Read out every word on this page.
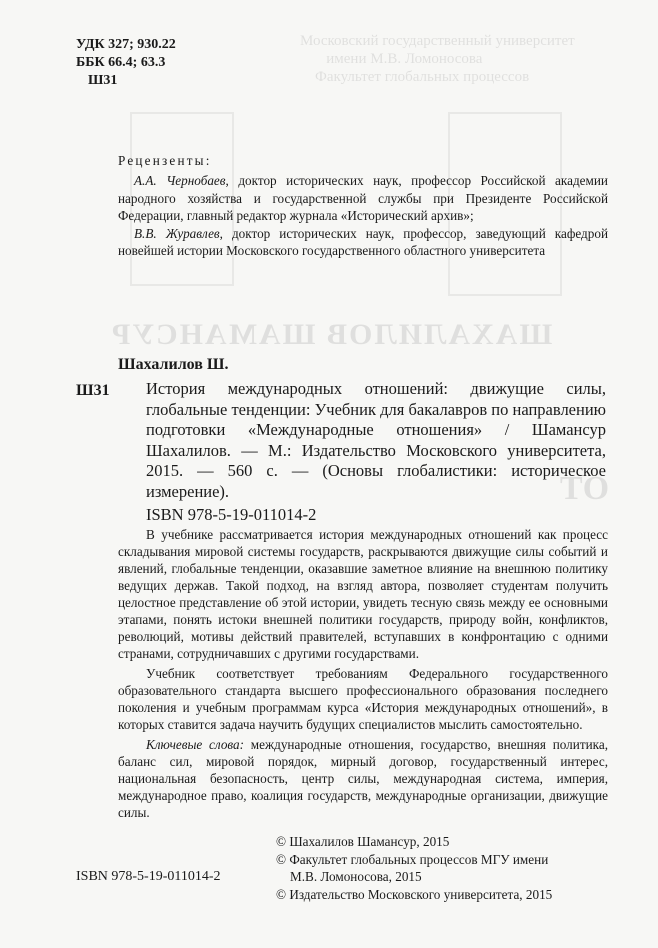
Московский государственный университет
имени М.В. Ломоносова
Факультет глобальных процессов
ШАХАЛИЛОВ ШАМАНСУР
ОТ
УДК 327; 930.22
ББК 66.4; 63.3
Ш31
Рецензенты:
А.А. Чернобаев, доктор исторических наук, профессор Российской академии народного хозяйства и государственной службы при Президенте Российской Федерации, главный редактор журнала «Исторический архив»;
В.В. Журавлев, доктор исторических наук, профессор, заведующий кафедрой новейшей истории Московского государственного областного университета
Шахалилов Ш.
Ш31 История международных отношений: движущие силы, глобальные тенденции: Учебник для бакалавров по направлению подготовки «Международные отношения» / Шамансур Шахалилов. — М.: Издательство Московского университета, 2015. — 560 с. — (Основы глобалистики: историческое измерение).
ISBN 978-5-19-011014-2

В учебнике рассматривается история международных отношений как процесс складывания мировой системы государств, раскрываются движущие силы событий и явлений, глобальные тенденции, оказавшие заметное влияние на внешнюю политику ведущих держав. Такой подход, на взгляд автора, позволяет студентам получить целостное представление об этой истории, увидеть тесную связь между ее основными этапами, понять истоки внешней политики государств, природу войн, конфликтов, революций, мотивы действий правителей, вступавших в конфронтацию с одними странами, сотрудничавших с другими государствами.

Учебник соответствует требованиям Федерального государственного образовательного стандарта высшего профессионального образования последнего поколения и учебным программам курса «История международных отношений», в которых ставится задача научить будущих специалистов мыслить самостоятельно.

Ключевые слова: международные отношения, государство, внешняя политика, баланс сил, мировой порядок, мирный договор, государственный интерес, национальная безопасность, центр силы, международная система, империя, международное право, коалиция государств, международные организации, движущие силы.

ISBN 978-5-19-011014-2
© Шахалилов Шамансур, 2015
© Факультет глобальных процессов МГУ имени
М.В. Ломоносова, 2015
© Издательство Московского университета, 2015
